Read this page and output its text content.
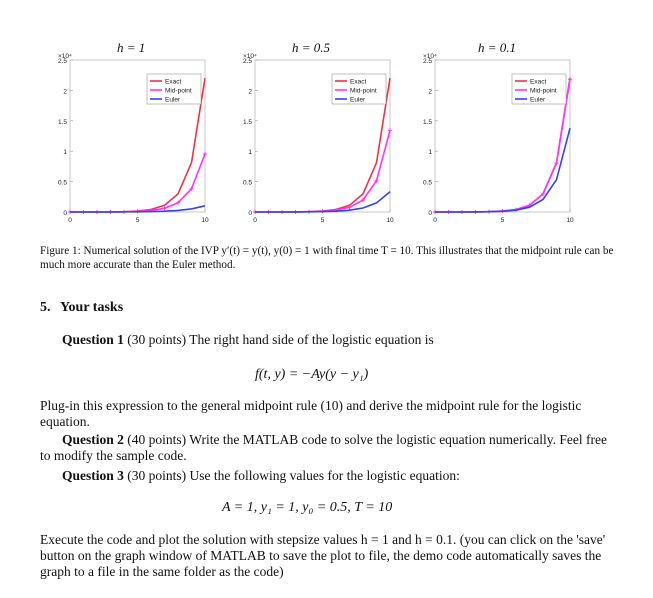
h = 1	h = 0.5	h = 0.1
0
0.5
1
1.5
2
2.5
0	5	10
×10⁴
Exact
Mid-point
Euler
0
0.5
1
1.5
2
2.5
0	5	10
×10⁴
Exact
Mid-point
Euler
0
0.5
1
1.5
2
2.5
0	5	10
×10⁴
Exact
Mid-point
Euler
Figure 1: Numerical solution of the IVP y′(t) = y(t), y(0) = 1 with final time T = 10. This illustrates that the midpoint rule can be much more accurate than the Euler method.
5. Your tasks
Question 1 (30 points) The right hand side of the logistic equation is
f(t, y) = −Ay(y − y₁)
Plug-in this expression to the general midpoint rule (10) and derive the midpoint rule for the logistic equation.
Question 2 (40 points) Write the MATLAB code to solve the logistic equation numerically. Feel free to modify the sample code.
Question 3 (30 points) Use the following values for the logistic equation:
A = 1, y₁ = 1, y₀ = 0.5, T = 10
Execute the code and plot the solution with stepsize values h = 1 and h = 0.1. (you can click on the 'save' button on the graph window of MATLAB to save the plot to file, the demo code automatically saves the graph to a file in the same folder as the code)
